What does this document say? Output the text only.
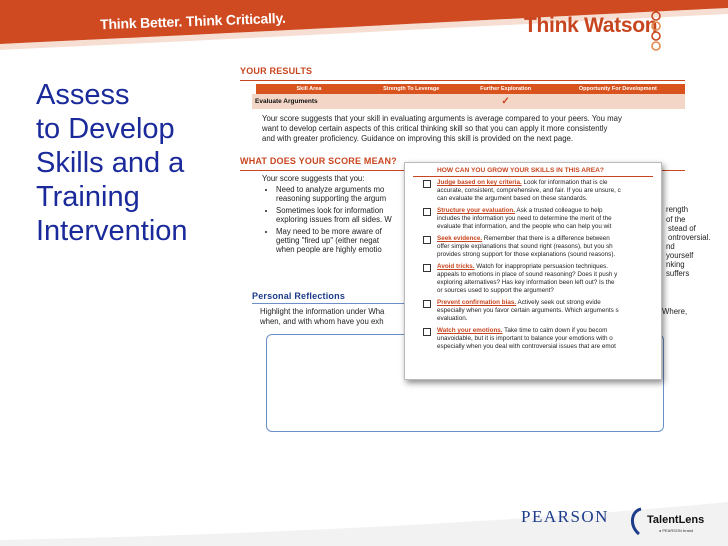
Think Better. Think Critically.	Think Watson
Assess
to Develop
Skills and a
Training
Intervention
YOUR RESULTS
	Skill Area	Strength To Leverage	Further Exploration	Opportunity For Development
Evaluate Arguments			✓	
Your score suggests that your skill in evaluating arguments is average compared to your peers. You may
want to develop certain aspects of this critical thinking skill so that you can apply it more consistently
and with greater proficiency. Guidance on improving this skill is provided on the next page.
WHAT DOES YOUR SCORE MEAN?
Your score suggests that you:
• Need to analyze arguments mo
reasoning supporting the argum
• Sometimes look for information
exploring issues from all sides. W
• May need to be more aware of
getting "fired up" (either negat
when people are highly emotio
rength of the
stead of
ontroversial.
nd yourself
nking suffers
Personal Reflections
Highlight the information under Wha
when, and with whom have you exh
Where,
HOW CAN YOU GROW YOUR SKILLS IN THIS AREA?
Judge based on key criteria. Look for information that is cle
accurate, consistent, comprehensive, and fair. If you are unsure, c
can evaluate the argument based on these standards.
Structure your evaluation. Ask a trusted colleague to help
includes the information you need to determine the merit of the
evaluate that information, and the people who can help you wit
Seek evidence. Remember that there is a difference between
offer simple explanations that sound right (reasons), but you sh
provides strong support for those explanations (sound reasons).
Avoid tricks. Watch for inappropriate persuasion techniques.
appeals to emotions in place of sound reasoning? Does it push y
exploring alternatives? Has key information been left out? Is the
or sources used to support the argument?
Prevent confirmation bias. Actively seek out strong evide
especially when you favor certain arguments. Which arguments s
evaluation.
Watch your emotions. Take time to calm down if you becom
unavoidable, but it is important to balance your emotions with o
especially when you deal with controversial issues that are emot
PEARSON	TalentLens
a PEARSON brand
